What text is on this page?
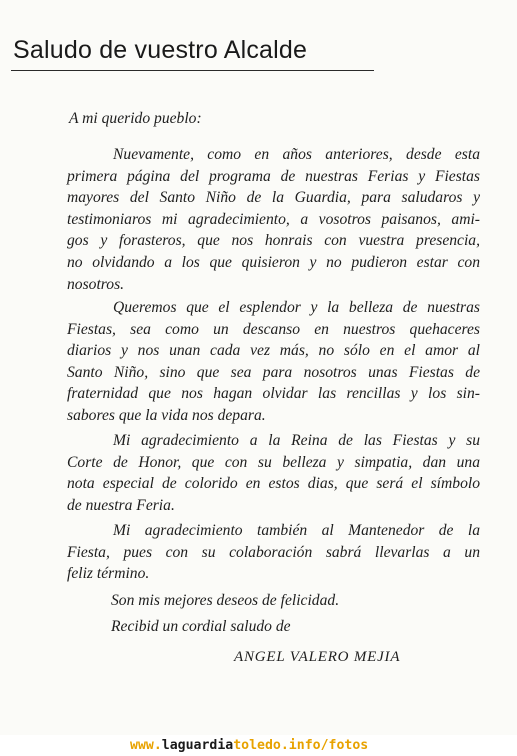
Saludo de vuestro Alcalde
A mi querido pueblo:
Nuevamente, como en años anteriores, desde esta
primera página del programa de nuestras Ferias y Fiestas
mayores del Santo Niño de la Guardia, para saludaros y
testimoniaros mi agradecimiento, a vosotros paisanos, ami-
gos y forasteros, que nos honrais con vuestra presencia,
no olvidando a los que quisieron y no pudieron estar con
nosotros.
Queremos que el esplendor y la belleza de nuestras
Fiestas, sea como un descanso en nuestros quehaceres
diarios y nos unan cada vez más, no sólo en el amor al
Santo Niño, sino que sea para nosotros unas Fiestas de
fraternidad que nos hagan olvidar las rencillas y los sin-
sabores que la vida nos depara.
Mi agradecimiento a la Reina de las Fiestas y su
Corte de Honor, que con su belleza y simpatia, dan una
nota especial de colorido en estos dias, que será el símbolo
de nuestra Feria.
Mi agradecimiento también al Mantenedor de la
Fiesta, pues con su colaboración sabrá llevarlas a un
feliz término.
Son mis mejores deseos de felicidad.
Recibid un cordial saludo de
ANGEL VALERO MEJIA
www.laguardiatoledo.info/fotos
